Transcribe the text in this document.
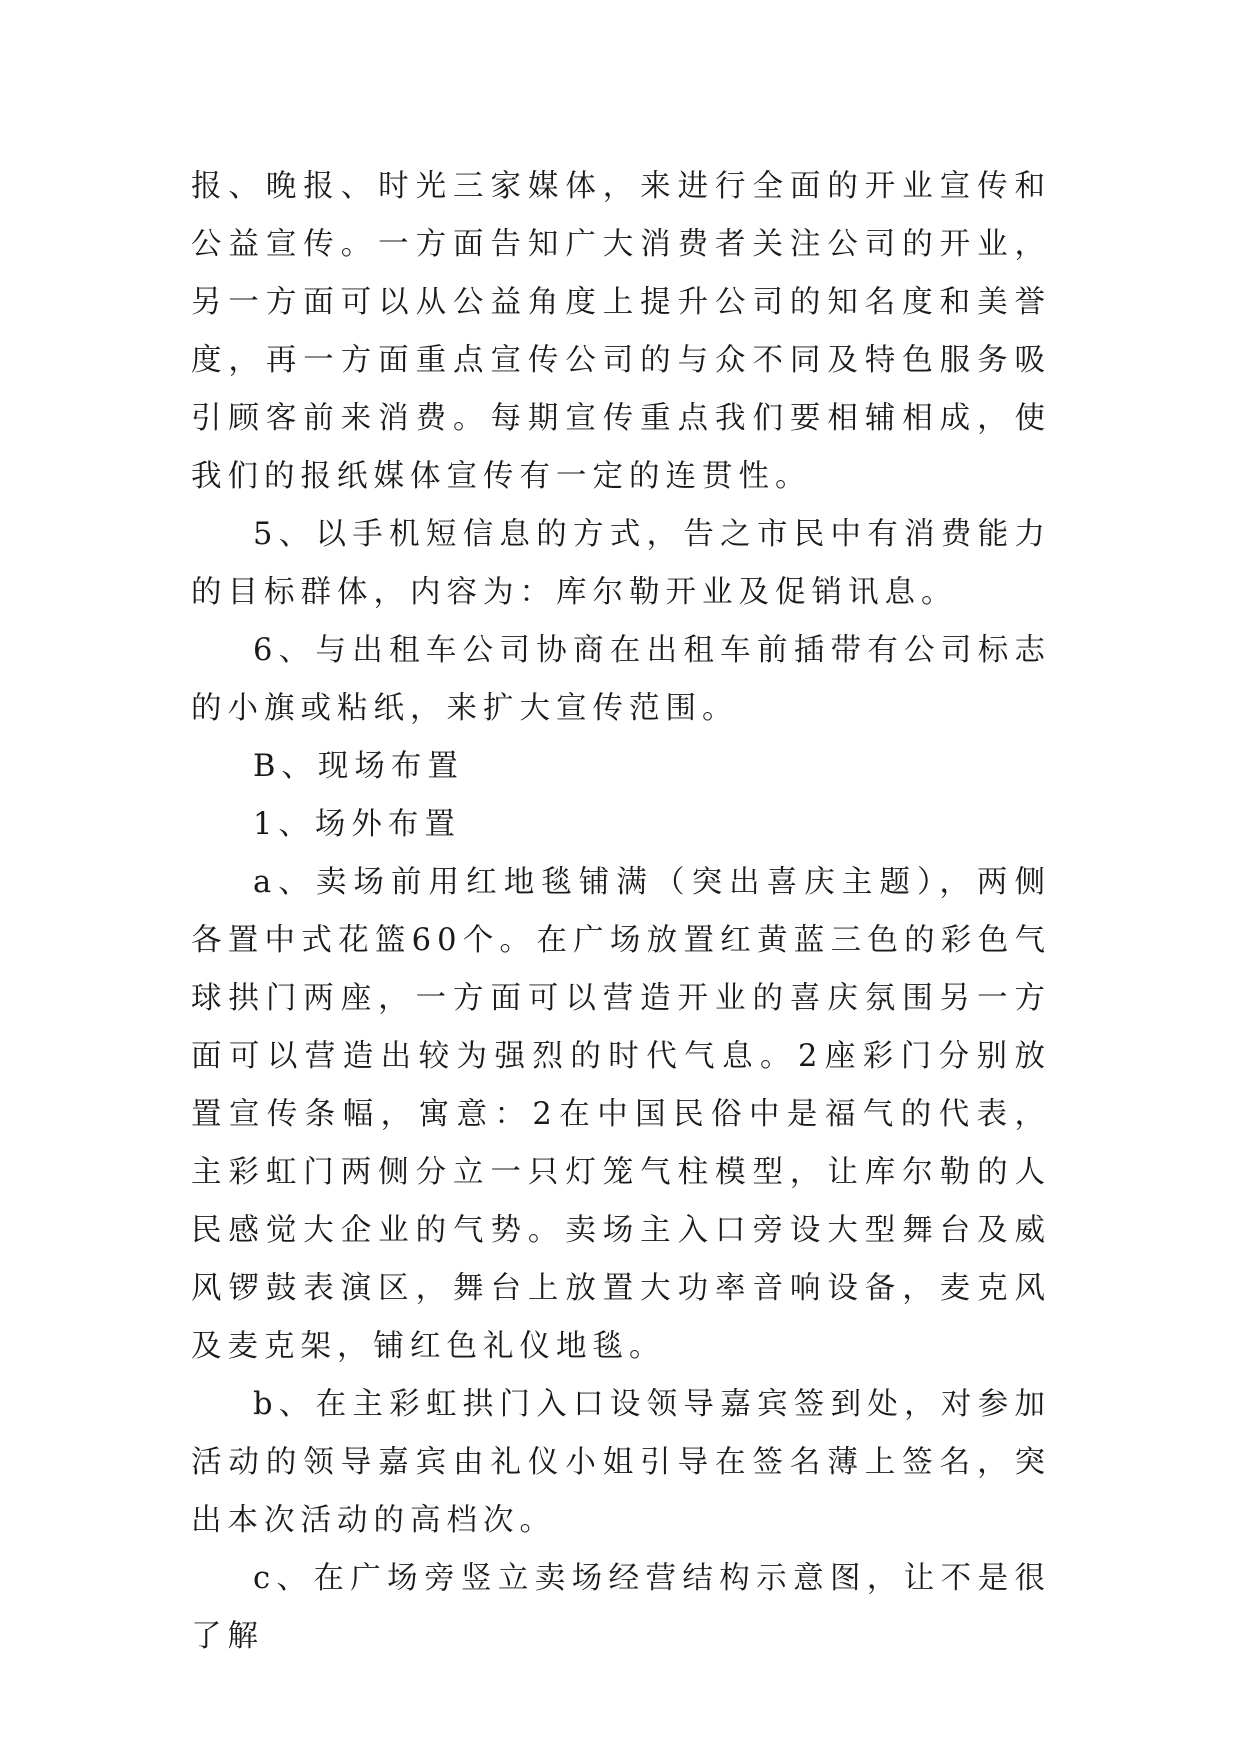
报、晚报、时光三家媒体，来进行全面的开业宣传和公益宣传。一方面告知广大消费者关注公司的开业，另一方面可以从公益角度上提升公司的知名度和美誉度，再一方面重点宣传公司的与众不同及特色服务吸引顾客前来消费。每期宣传重点我们要相辅相成，使我们的报纸媒体宣传有一定的连贯性。

5、以手机短信息的方式，告之市民中有消费能力的目标群体，内容为：库尔勒开业及促销讯息。

6、与出租车公司协商在出租车前插带有公司标志的小旗或粘纸，来扩大宣传范围。

B、现场布置

1、场外布置

a、卖场前用红地毯铺满（突出喜庆主题），两侧各置中式花篮60个。在广场放置红黄蓝三色的彩色气球拱门两座，一方面可以营造开业的喜庆氛围另一方面可以营造出较为强烈的时代气息。2座彩门分别放置宣传条幅，寓意：2在中国民俗中是福气的代表，主彩虹门两侧分立一只灯笼气柱模型，让库尔勒的人民感觉大企业的气势。卖场主入口旁设大型舞台及威风锣鼓表演区，舞台上放置大功率音响设备，麦克风及麦克架，铺红色礼仪地毯。

b、在主彩虹拱门入口设领导嘉宾签到处，对参加活动的领导嘉宾由礼仪小姐引导在签名薄上签名，突出本次活动的高档次。

c、在广场旁竖立卖场经营结构示意图，让不是很了解
